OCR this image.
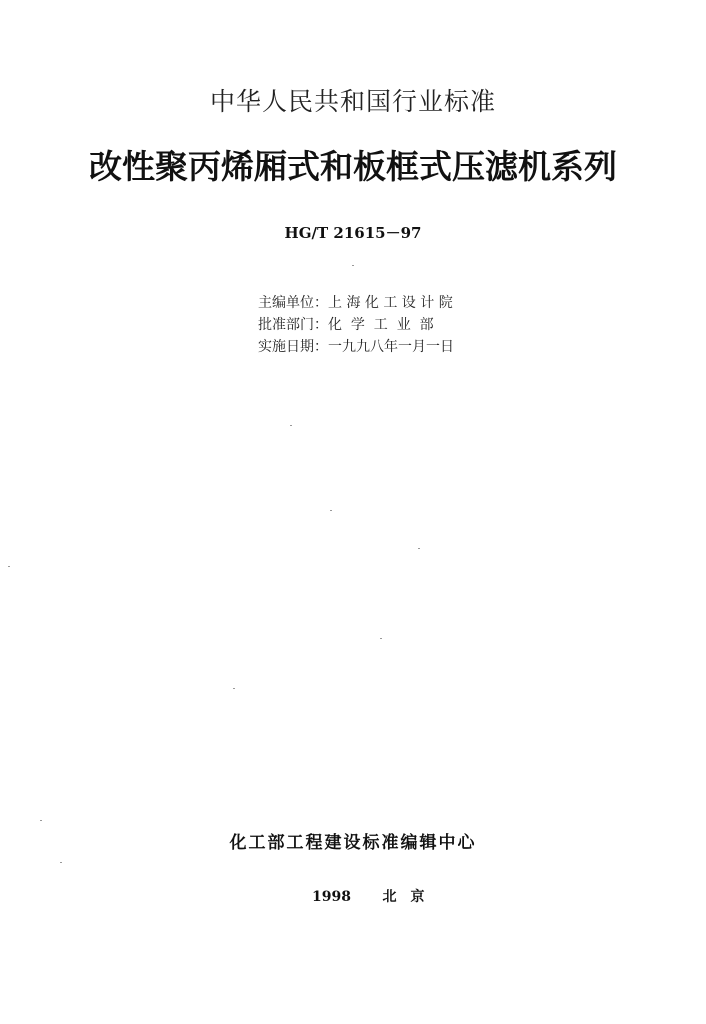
中华人民共和国行业标准
改性聚丙烯厢式和板框式压滤机系列
HG/T 21615－97
主编单位：上 海 化 工 设 计 院
批准部门：化  学  工  业  部
实施日期：一九九八年一月一日
化工部工程建设标准编辑中心
1998 北京
